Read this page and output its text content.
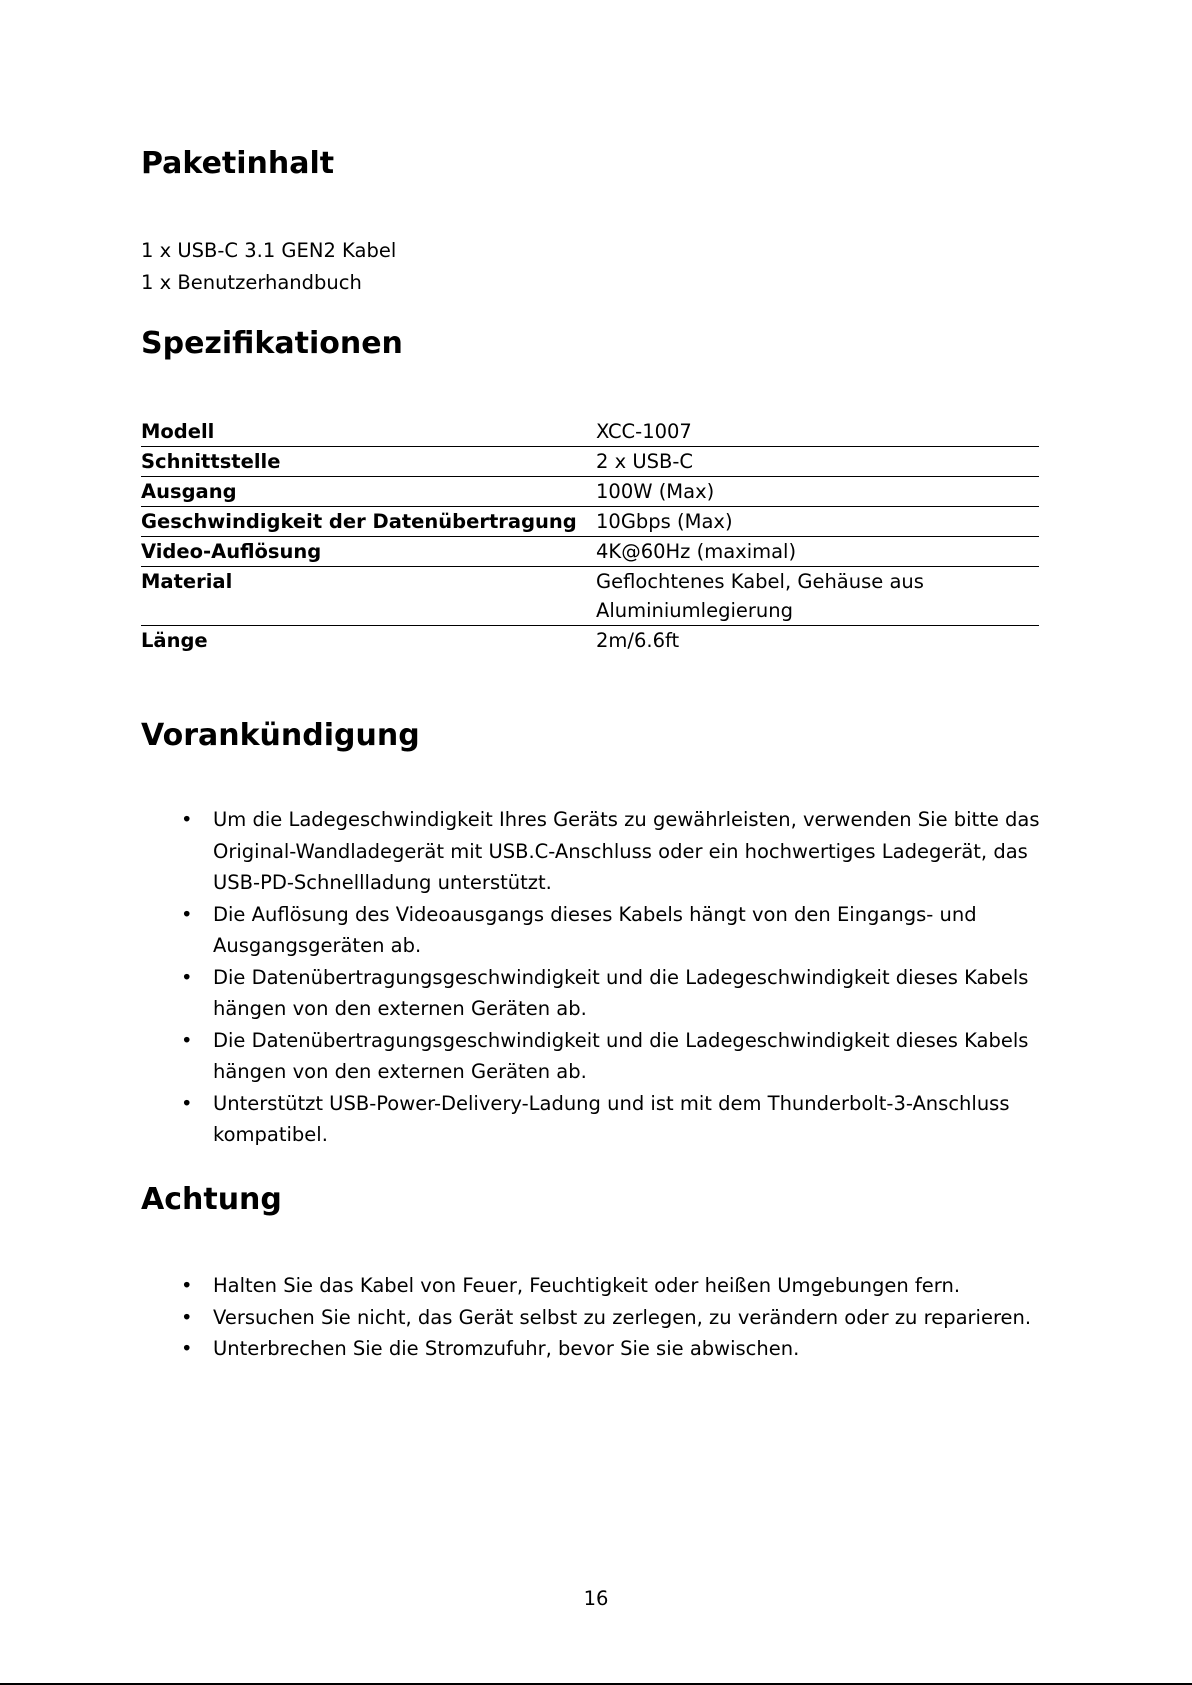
Paketinhalt

1 x USB-C 3.1 GEN2 Kabel

1 x Benutzerhandbuch

Spezifikationen
Modell	XCC-1007
Schnittstelle	2 x USB-C
Ausgang	100W (Max)
Geschwindigkeit der Datenübertragung	10Gbps (Max)
Video-Auflösung	4K@60Hz (maximal)
Material	Geflochtenes Kabel, Gehäuse aus Aluminiumlegierung
Länge	2m/6.6ft
Vorankündigung
• Um die Ladegeschwindigkeit Ihres Geräts zu gewährleisten, verwenden Sie bitte das Original-Wandladegerät mit USB.C-Anschluss oder ein hochwertiges Ladegerät, das USB-PD-Schnellladung unterstützt.
• Die Auflösung des Videoausgangs dieses Kabels hängt von den Eingangs- und Ausgangsgeräten ab.
• Die Datenübertragungsgeschwindigkeit und die Ladegeschwindigkeit dieses Kabels hängen von den externen Geräten ab.
• Die Datenübertragungsgeschwindigkeit und die Ladegeschwindigkeit dieses Kabels hängen von den externen Geräten ab.
• Unterstützt USB-Power-Delivery-Ladung und ist mit dem Thunderbolt-3-Anschluss kompatibel.
Achtung
• Halten Sie das Kabel von Feuer, Feuchtigkeit oder heißen Umgebungen fern.
• Versuchen Sie nicht, das Gerät selbst zu zerlegen, zu verändern oder zu reparieren.
• Unterbrechen Sie die Stromzufuhr, bevor Sie sie abwischen.

16
